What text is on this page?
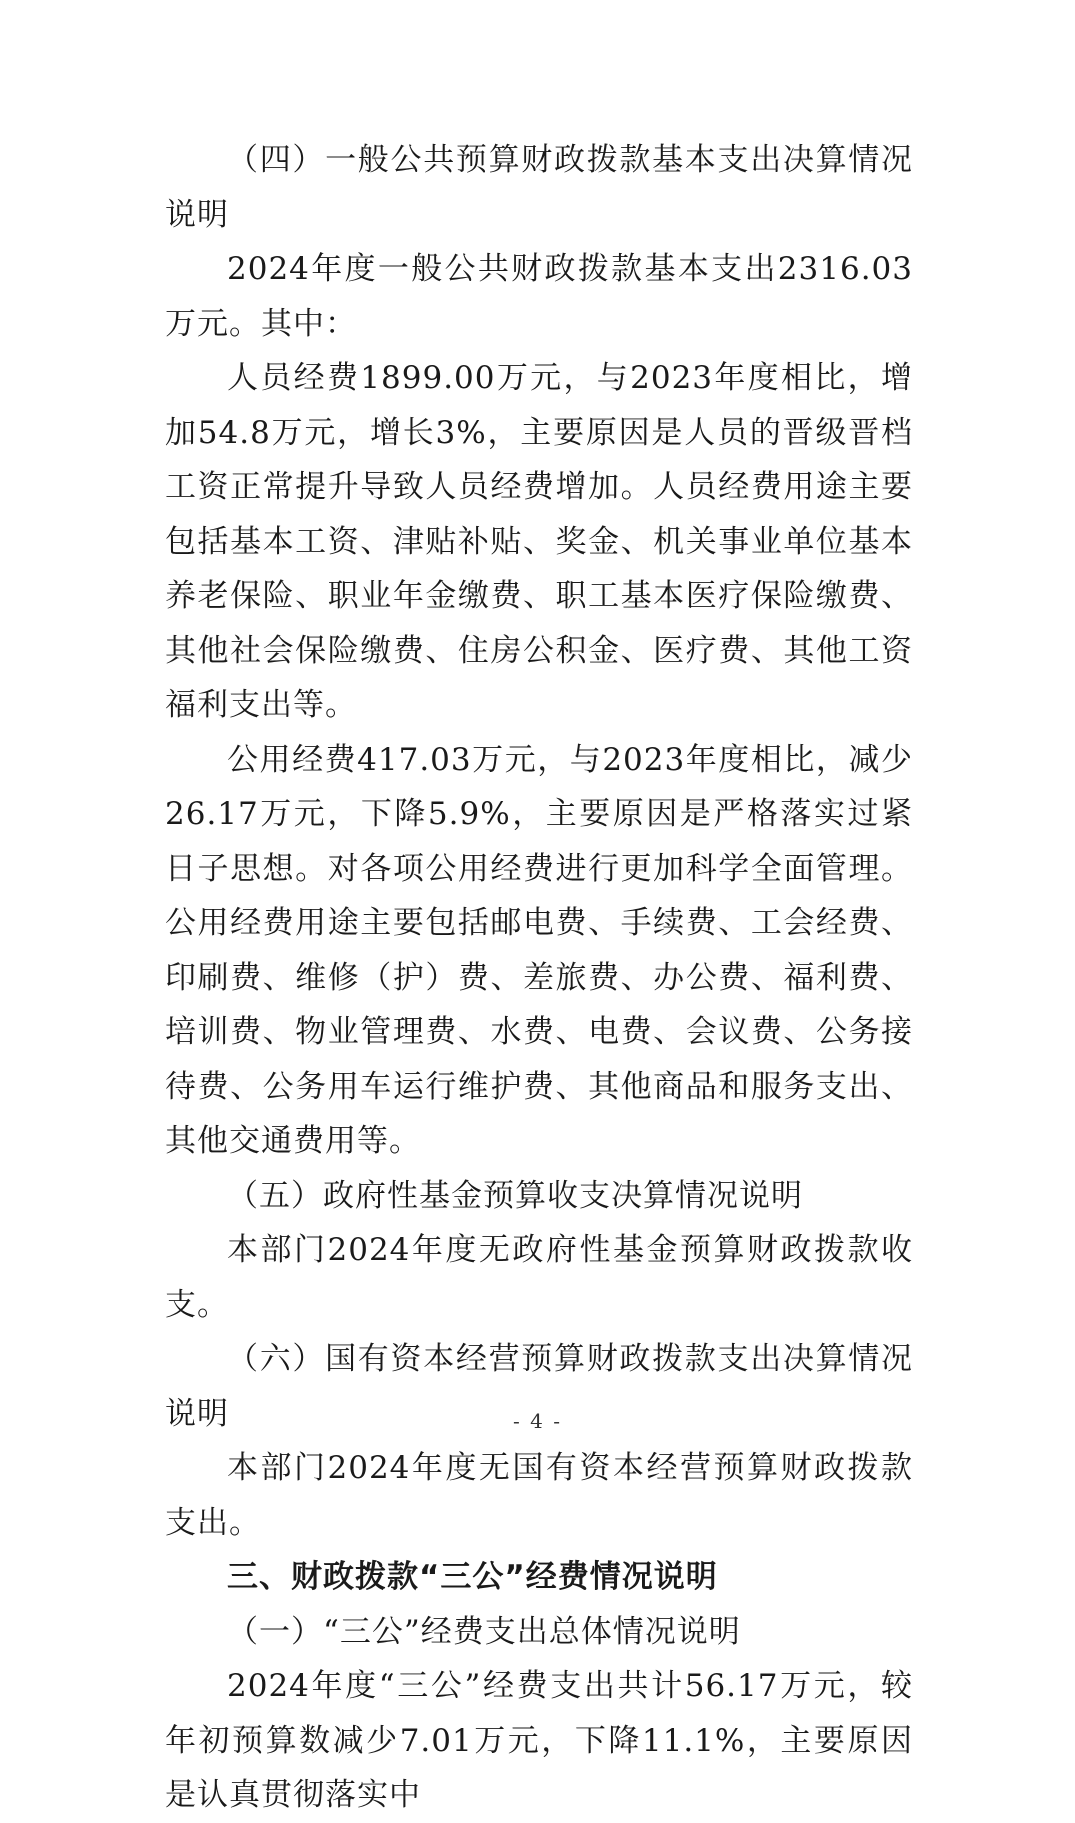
（四）一般公共预算财政拨款基本支出决算情况说明

2024年度一般公共财政拨款基本支出2316.03万元。其中：

人员经费1899.00万元，与2023年度相比，增加54.8万元，增长3%，主要原因是人员的晋级晋档工资正常提升导致人员经费增加。人员经费用途主要包括基本工资、津贴补贴、奖金、机关事业单位基本养老保险、职业年金缴费、职工基本医疗保险缴费、其他社会保险缴费、住房公积金、医疗费、其他工资福利支出等。

公用经费417.03万元，与2023年度相比，减少26.17万元，下降5.9%，主要原因是严格落实过紧日子思想。对各项公用经费进行更加科学全面管理。公用经费用途主要包括邮电费、手续费、工会经费、印刷费、维修（护）费、差旅费、办公费、福利费、培训费、物业管理费、水费、电费、会议费、公务接待费、公务用车运行维护费、其他商品和服务支出、其他交通费用等。

（五）政府性基金预算收支决算情况说明

本部门2024年度无政府性基金预算财政拨款收支。

（六）国有资本经营预算财政拨款支出决算情况说明

本部门2024年度无国有资本经营预算财政拨款支出。

三、财政拨款“三公”经费情况说明

（一）“三公”经费支出总体情况说明

2024年度“三公”经费支出共计56.17万元，较年初预算数减少7.01万元，下降11.1%，主要原因是认真贯彻落实中

- 4 -
